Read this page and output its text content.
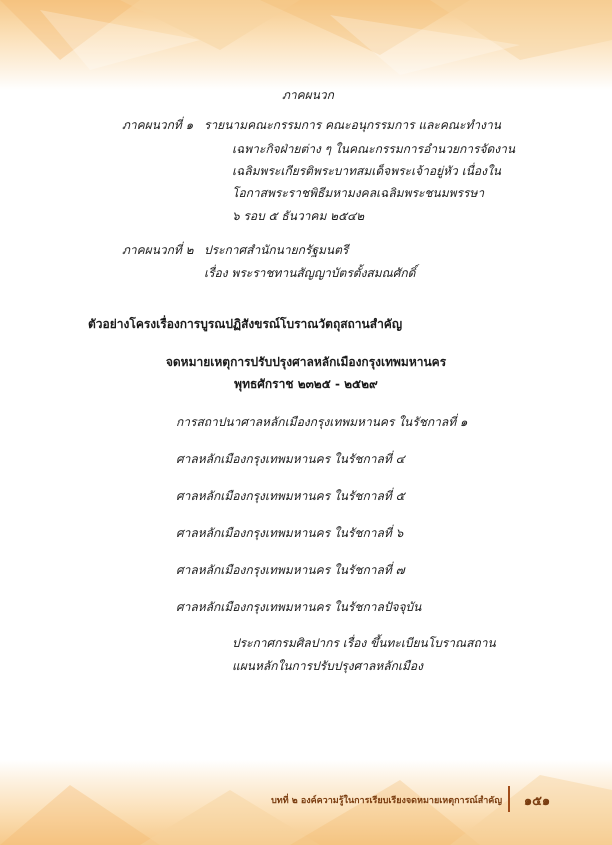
ภาคผนวก
ภาคผนวกที่ ๑ รายนามคณะกรรมการ คณะอนุกรรมการ และคณะทำงาน
เฉพาะกิจฝ่ายต่าง ๆ ในคณะกรรมการอำนวยการจัดงาน
เฉลิมพระเกียรติพระบาทสมเด็จพระเจ้าอยู่หัว เนื่องใน
โอกาสพระราชพิธีมหามงคลเฉลิมพระชนมพรรษา
๖ รอบ ๕ ธันวาคม ๒๕๔๒
ภาคผนวกที่ ๒ ประกาศสำนักนายกรัฐมนตรี
เรื่อง พระราชทานสัญญาบัตรตั้งสมณศักดิ์
ตัวอย่างโครงเรื่องการบูรณปฏิสังขรณ์โบราณวัตถุสถานสำคัญ
จดหมายเหตุการปรับปรุงศาลหลักเมืองกรุงเทพมหานคร
พุทธศักราช ๒๓๒๕ - ๒๕๒๙
การสถาปนาศาลหลักเมืองกรุงเทพมหานคร ในรัชกาลที่ ๑
ศาลหลักเมืองกรุงเทพมหานคร ในรัชกาลที่ ๔
ศาลหลักเมืองกรุงเทพมหานคร ในรัชกาลที่ ๕
ศาลหลักเมืองกรุงเทพมหานคร ในรัชกาลที่ ๖
ศาลหลักเมืองกรุงเทพมหานคร ในรัชกาลที่ ๗
ศาลหลักเมืองกรุงเทพมหานคร ในรัชกาลปัจจุบัน
ประกาศกรมศิลปากร เรื่อง ขึ้นทะเบียนโบราณสถาน
แผนหลักในการปรับปรุงศาลหลักเมือง
บทที่ ๒ องค์ความรู้ในการเรียบเรียงจดหมายเหตุการณ์สำคัญ	๑๕๑
